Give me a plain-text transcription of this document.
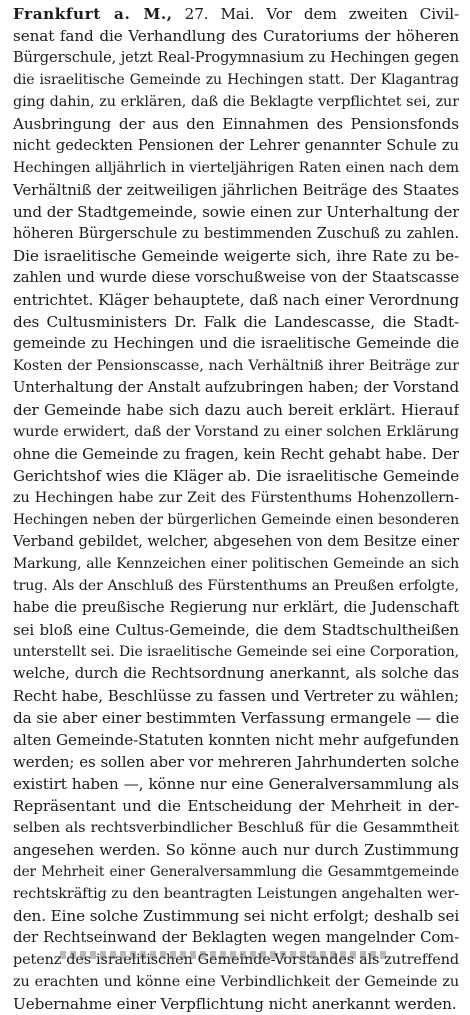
Frankfurt a. M., 27. Mai. Vor dem zweiten Civil-
senat fand die Verhandlung des Curatoriums der höheren
Bürgerschule, jetzt Real-Progymnasium zu Hechingen gegen
die israelitische Gemeinde zu Hechingen statt. Der Klagantrag
ging dahin, zu erklären, daß die Beklagte verpflichtet sei, zur
Ausbringung der aus den Einnahmen des Pensionsfonds
nicht gedeckten Pensionen der Lehrer genannter Schule zu
Hechingen alljährlich in vierteljährigen Raten einen nach dem
Verhältniß der zeitweiligen jährlichen Beiträge des Staates
und der Stadtgemeinde, sowie einen zur Unterhaltung der
höheren Bürgerschule zu bestimmenden Zuschuß zu zahlen.
Die israelitische Gemeinde weigerte sich, ihre Rate zu be-
zahlen und wurde diese vorschußweise von der Staatscasse
entrichtet. Kläger behauptete, daß nach einer Verordnung
des Cultusministers Dr. Falk die Landescasse, die Stadt-
gemeinde zu Hechingen und die israelitische Gemeinde die
Kosten der Pensionscasse, nach Verhältniß ihrer Beiträge zur
Unterhaltung der Anstalt aufzubringen haben; der Vorstand
der Gemeinde habe sich dazu auch bereit erklärt. Hierauf
wurde erwidert, daß der Vorstand zu einer solchen Erklärung
ohne die Gemeinde zu fragen, kein Recht gehabt habe. Der
Gerichtshof wies die Kläger ab. Die israelitische Gemeinde
zu Hechingen habe zur Zeit des Fürstenthums Hohenzollern-
Hechingen neben der bürgerlichen Gemeinde einen besonderen
Verband gebildet, welcher, abgesehen von dem Besitze einer
Markung, alle Kennzeichen einer politischen Gemeinde an sich
trug. Als der Anschluß des Fürstenthums an Preußen erfolgte,
habe die preußische Regierung nur erklärt, die Judenschaft
sei bloß eine Cultus-Gemeinde, die dem Stadtschultheißen
unterstellt sei. Die israelitische Gemeinde sei eine Corporation,
welche, durch die Rechtsordnung anerkannt, als solche das
Recht habe, Beschlüsse zu fassen und Vertreter zu wählen;
da sie aber einer bestimmten Verfassung ermangele — die
alten Gemeinde-Statuten konnten nicht mehr aufgefunden
werden; es sollen aber vor mehreren Jahrhunderten solche
existirt haben —, könne nur eine Generalversammlung als
Repräsentant und die Entscheidung der Mehrheit in der-
selben als rechtsverbindlicher Beschluß für die Gesammtheit
angesehen werden. So könne auch nur durch Zustimmung
der Mehrheit einer Generalversammlung die Gesammtgemeinde
rechtskräftig zu den beantragten Leistungen angehalten wer-
den. Eine solche Zustimmung sei nicht erfolgt; deshalb sei
der Rechtseinwand der Beklagten wegen mangelnder Com-
petenz des israelitischen Gemeinde-Vorstandes als zutreffend
zu erachten und könne eine Verbindlichkeit der Gemeinde zu
Uebernahme einer Verpflichtung nicht anerkannt werden.
